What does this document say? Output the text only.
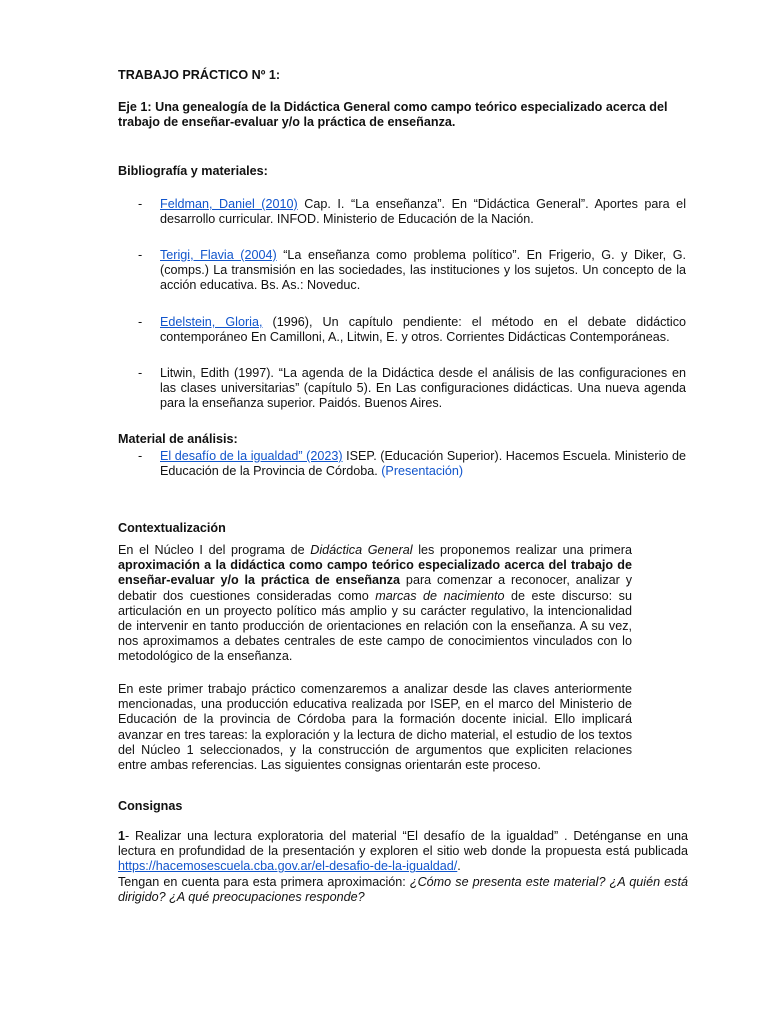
TRABAJO PRÁCTICO Nº 1:
Eje 1: Una genealogía de la Didáctica General como campo teórico especializado acerca del trabajo de enseñar-evaluar y/o la práctica de enseñanza.
Bibliografía y materiales:
- Feldman, Daniel (2010) Cap. I. “La enseñanza”. En “Didáctica General”. Aportes para el desarrollo curricular. INFOD. Ministerio de Educación de la Nación.
- Terigi, Flavia (2004) “La enseñanza como problema político”. En Frigerio, G. y Diker, G. (comps.) La transmisión en las sociedades, las instituciones y los sujetos. Un concepto de la acción educativa. Bs. As.: Noveduc.
- Edelstein, Gloria, (1996), Un capítulo pendiente: el método en el debate didáctico contemporáneo En Camilloni, A., Litwin, E. y otros. Corrientes Didácticas Contemporáneas.
- Litwin, Edith (1997). “La agenda de la Didáctica desde el análisis de las configuraciones en las clases universitarias” (capítulo 5). En Las configuraciones didácticas. Una nueva agenda para la enseñanza superior. Paidós. Buenos Aires.
Material de análisis:
- El desafío de la igualdad” (2023) ISEP. (Educación Superior). Hacemos Escuela. Ministerio de Educación de la Provincia de Córdoba. (Presentación)
Contextualización

En el Núcleo I del programa de Didáctica General les proponemos realizar una primera aproximación a la didáctica como campo teórico especializado acerca del trabajo de enseñar-evaluar y/o la práctica de enseñanza para comenzar a reconocer, analizar y debatir dos cuestiones consideradas como marcas de nacimiento de este discurso: su articulación en un proyecto político más amplio y su carácter regulativo, la intencionalidad de intervenir en tanto producción de orientaciones en relación con la enseñanza. A su vez, nos aproximamos a debates centrales de este campo de conocimientos vinculados con lo metodológico de la enseñanza.

En este primer trabajo práctico comenzaremos a analizar desde las claves anteriormente mencionadas, una producción educativa realizada por ISEP, en el marco del Ministerio de Educación de la provincia de Córdoba para la formación docente inicial. Ello implicará avanzar en tres tareas: la exploración y la lectura de dicho material, el estudio de los textos del Núcleo 1 seleccionados, y la construcción de argumentos que expliciten relaciones entre ambas referencias. Las siguientes consignas orientarán este proceso.

Consignas

1- Realizar una lectura exploratoria del material “El desafío de la igualdad” . Deténganse en una lectura en profundidad de la presentación y exploren el sitio web donde la propuesta está publicada https://hacemosescuela.cba.gov.ar/el-desafio-de-la-igualdad/.
Tengan en cuenta para esta primera aproximación: ¿Cómo se presenta este material? ¿A quién está dirigido? ¿A qué preocupaciones responde?
